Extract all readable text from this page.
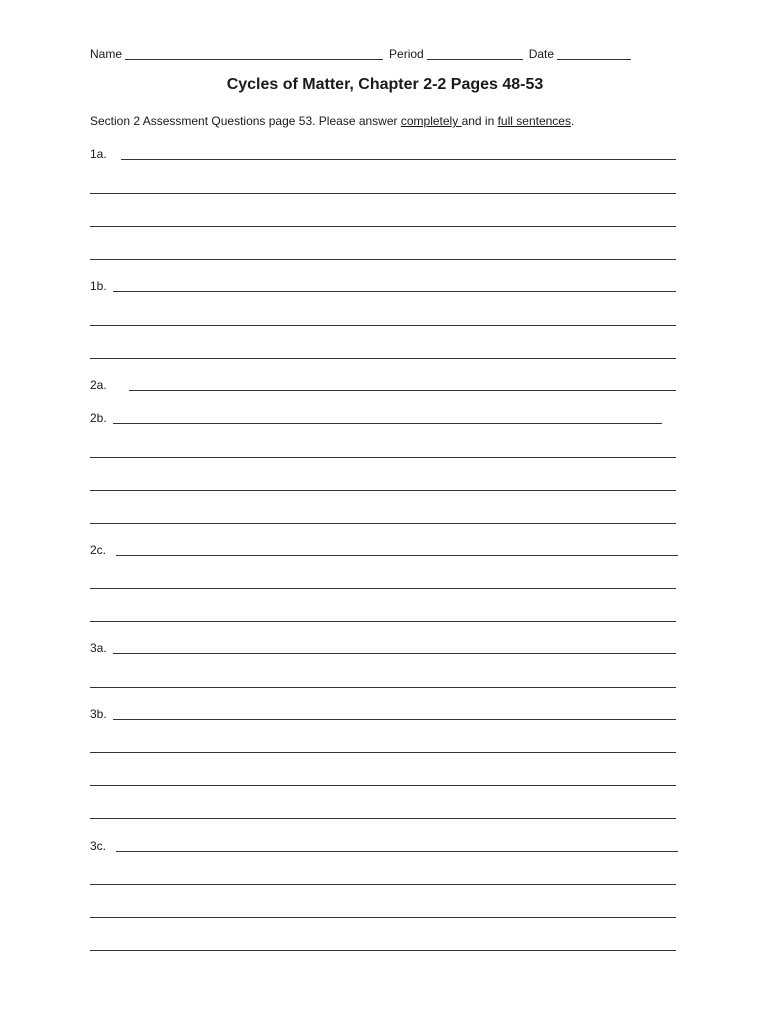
Name	Period	Date
Cycles of Matter, Chapter 2-2 Pages 48-53
Section 2 Assessment Questions page 53. Please answer completely and in full sentences.
1a.
1b.
2a.
2b.
2c.
3a.
3b.
3c.
